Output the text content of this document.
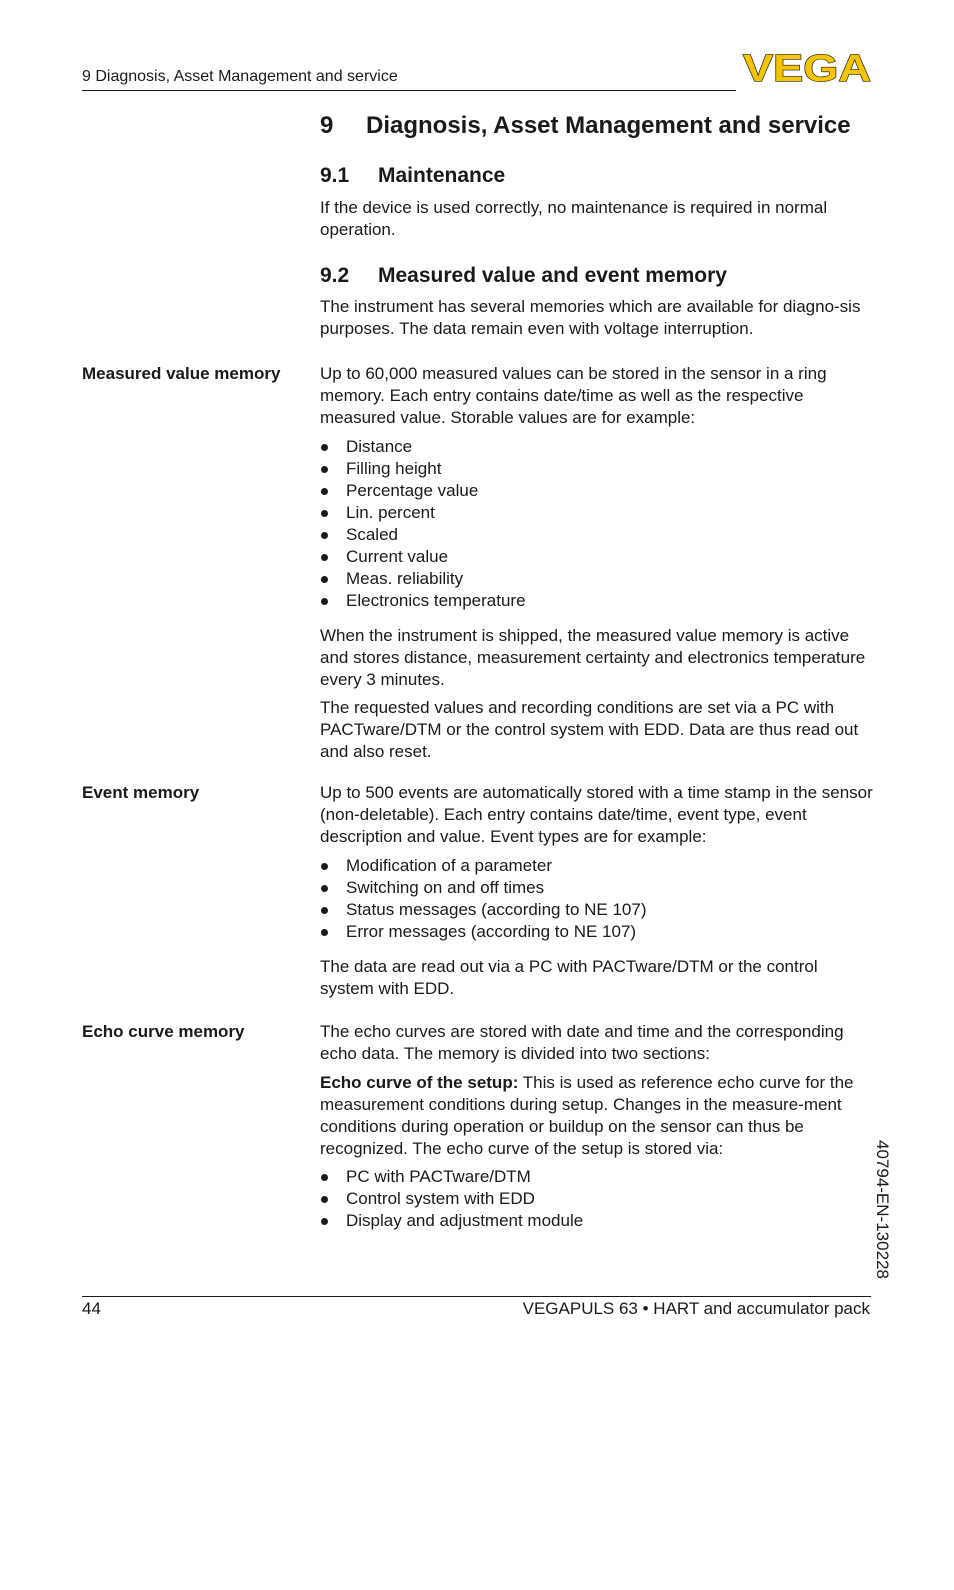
9 Diagnosis, Asset Management and service	VEGA
9 Diagnosis, Asset Management and service
9.1 Maintenance

If the device is used correctly, no maintenance is required in normal operation.

9.2 Measured value and event memory

The instrument has several memories which are available for diagno-sis purposes. The data remain even with voltage interruption.

Measured value memory Up to 60,000 measured values can be stored in the sensor in a ring memory. Each entry contains date/time as well as the respective measured value. Storable values are for example:

Distance
Filling height
Percentage value
Lin. percent
Scaled
Current value
Meas. reliability
Electronics temperature

When the instrument is shipped, the measured value memory is active and stores distance, measurement certainty and electronics temperature every 3 minutes.

The requested values and recording conditions are set via a PC with PACTware/DTM or the control system with EDD. Data are thus read out and also reset.

Event memory	Up to 500 events are automatically stored with a time stamp in the sensor (non-deletable). Each entry contains date/time, event type, event description and value. Event types are for example:

Modification of a parameter
Switching on and off times
Status messages (according to NE 107)
Error messages (according to NE 107)

The data are read out via a PC with PACTware/DTM or the control system with EDD.

Echo curve memory	The echo curves are stored with date and time and the corresponding echo data. The memory is divided into two sections:

Echo curve of the setup: This is used as reference echo curve for the measurement conditions during setup. Changes in the measure-ment conditions during operation or buildup on the sensor can thus be recognized. The echo curve of the setup is stored via:

PC with PACTware/DTM
Control system with EDD
Display and adjustment module	40794-EN-130228
44	VEGAPULS 63 • HART and accumulator pack
